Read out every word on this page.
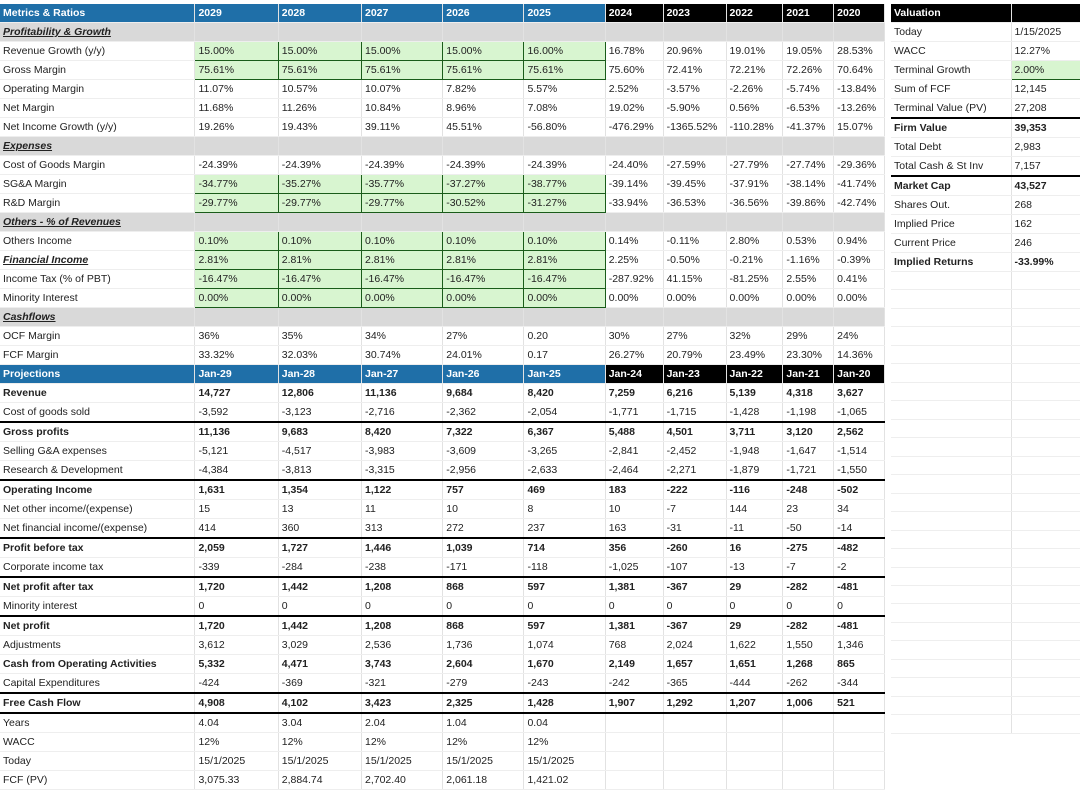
Metrics & Ratios	2029	2028	2027	2026	2025	2024	2023	2022	2021	2020
Profitability & Growth										
Revenue Growth (y/y)	15.00%	15.00%	15.00%	15.00%	16.00%	16.78%	20.96%	19.01%	19.05%	28.53%
Gross Margin	75.61%	75.61%	75.61%	75.61%	75.61%	75.60%	72.41%	72.21%	72.26%	70.64%
Operating Margin	11.07%	10.57%	10.07%	7.82%	5.57%	2.52%	-3.57%	-2.26%	-5.74%	-13.84%
Net Margin	11.68%	11.26%	10.84%	8.96%	7.08%	19.02%	-5.90%	0.56%	-6.53%	-13.26%
Net Income Growth (y/y)	19.26%	19.43%	39.11%	45.51%	-56.80%	-476.29%	-1365.52%	-110.28%	-41.37%	15.07%
Expenses										
Cost of Goods Margin	-24.39%	-24.39%	-24.39%	-24.39%	-24.39%	-24.40%	-27.59%	-27.79%	-27.74%	-29.36%
SG&A Margin	-34.77%	-35.27%	-35.77%	-37.27%	-38.77%	-39.14%	-39.45%	-37.91%	-38.14%	-41.74%
R&D Margin	-29.77%	-29.77%	-29.77%	-30.52%	-31.27%	-33.94%	-36.53%	-36.56%	-39.86%	-42.74%
Others - % of Revenues										
Others Income	0.10%	0.10%	0.10%	0.10%	0.10%	0.14%	-0.11%	2.80%	0.53%	0.94%
Financial Income	2.81%	2.81%	2.81%	2.81%	2.81%	2.25%	-0.50%	-0.21%	-1.16%	-0.39%
Income Tax (% of PBT)	-16.47%	-16.47%	-16.47%	-16.47%	-16.47%	-287.92%	41.15%	-81.25%	2.55%	0.41%
Minority Interest	0.00%	0.00%	0.00%	0.00%	0.00%	0.00%	0.00%	0.00%	0.00%	0.00%
Cashflows										
OCF Margin	36%	35%	34%	27%	0.20	30%	27%	32%	29%	24%
FCF Margin	33.32%	32.03%	30.74%	24.01%	0.17	26.27%	20.79%	23.49%	23.30%	14.36%
Projections	Jan-29	Jan-28	Jan-27	Jan-26	Jan-25	Jan-24	Jan-23	Jan-22	Jan-21	Jan-20
Revenue	14,727	12,806	11,136	9,684	8,420	7,259	6,216	5,139	4,318	3,627
Cost of goods sold	-3,592	-3,123	-2,716	-2,362	-2,054	-1,771	-1,715	-1,428	-1,198	-1,065
Gross profits	11,136	9,683	8,420	7,322	6,367	5,488	4,501	3,711	3,120	2,562
Selling G&A expenses	-5,121	-4,517	-3,983	-3,609	-3,265	-2,841	-2,452	-1,948	-1,647	-1,514
Research & Development	-4,384	-3,813	-3,315	-2,956	-2,633	-2,464	-2,271	-1,879	-1,721	-1,550
Operating Income	1,631	1,354	1,122	757	469	183	-222	-116	-248	-502
Net other income/(expense)	15	13	11	10	8	10	-7	144	23	34
Net financial income/(expense)	414	360	313	272	237	163	-31	-11	-50	-14
Profit before tax	2,059	1,727	1,446	1,039	714	356	-260	16	-275	-482
Corporate income tax	-339	-284	-238	-171	-118	-1,025	-107	-13	-7	-2
Net profit after tax	1,720	1,442	1,208	868	597	1,381	-367	29	-282	-481
Minority interest	0	0	0	0	0	0	0	0	0	0
Net profit	1,720	1,442	1,208	868	597	1,381	-367	29	-282	-481
Adjustments	3,612	3,029	2,536	1,736	1,074	768	2,024	1,622	1,550	1,346
Cash from Operating Activities	5,332	4,471	3,743	2,604	1,670	2,149	1,657	1,651	1,268	865
Capital Expenditures	-424	-369	-321	-279	-243	-242	-365	-444	-262	-344
Free Cash Flow	4,908	4,102	3,423	2,325	1,428	1,907	1,292	1,207	1,006	521
Years	4.04	3.04	2.04	1.04	0.04					
WACC	12%	12%	12%	12%	12%					
Today	15/1/2025	15/1/2025	15/1/2025	15/1/2025	15/1/2025					
FCF (PV)	3,075.33	2,884.74	2,702.40	2,061.18	1,421.02					
Valuation	
Today	1/15/2025
WACC	12.27%
Terminal Growth	2.00%
Sum of FCF	12,145
Terminal Value (PV)	27,208
Firm Value	39,353
Total Debt	2,983
Total Cash & St Inv	7,157
Market Cap	43,527
Shares Out.	268
Implied Price	162
Current Price	246
Implied Returns	-33.99%
